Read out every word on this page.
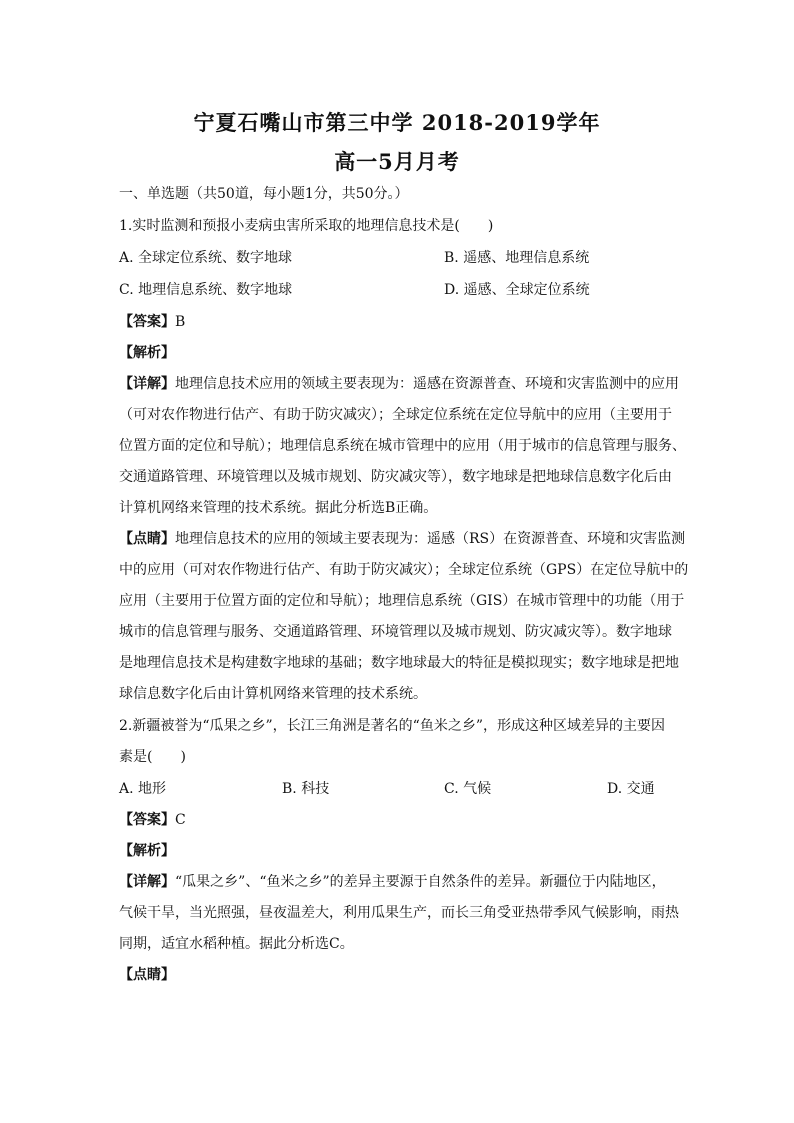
宁夏石嘴山市第三中学 2018-2019学年
高一5月月考
一、单选题（共50道，每小题1分，共50分。）
1.实时监测和预报小麦病虫害所采取的地理信息技术是(　　)
A. 全球定位系统、数字地球	B. 遥感、地理信息系统
C. 地理信息系统、数字地球	D. 遥感、全球定位系统
【答案】B
【解析】
【详解】地理信息技术应用的领域主要表现为：遥感在资源普查、环境和灾害监测中的应用
（可对农作物进行估产、有助于防灾减灾）；全球定位系统在定位导航中的应用（主要用于
位置方面的定位和导航）；地理信息系统在城市管理中的应用（用于城市的信息管理与服务、
交通道路管理、环境管理以及城市规划、防灾减灾等），数字地球是把地球信息数字化后由
计算机网络来管理的技术系统。据此分析选B正确。
【点睛】地理信息技术的应用的领域主要表现为：遥感（RS）在资源普查、环境和灾害监测
中的应用（可对农作物进行估产、有助于防灾减灾）；全球定位系统（GPS）在定位导航中的
应用（主要用于位置方面的定位和导航）；地理信息系统（GIS）在城市管理中的功能（用于
城市的信息管理与服务、交通道路管理、环境管理以及城市规划、防灾减灾等）。数字地球
是地理信息技术是构建数字地球的基础；数字地球最大的特征是模拟现实；数字地球是把地
球信息数字化后由计算机网络来管理的技术系统。
2.新疆被誉为“瓜果之乡”，长江三角洲是著名的“鱼米之乡”，形成这种区域差异的主要因
素是(　　)
A. 地形	B. 科技	C. 气候	D. 交通
【答案】C
【解析】
【详解】“瓜果之乡”、“鱼米之乡”的差异主要源于自然条件的差异。新疆位于内陆地区，
气候干旱，当光照强，昼夜温差大，利用瓜果生产，而长三角受亚热带季风气候影响，雨热
同期，适宜水稻种植。据此分析选C。
【点睛】
